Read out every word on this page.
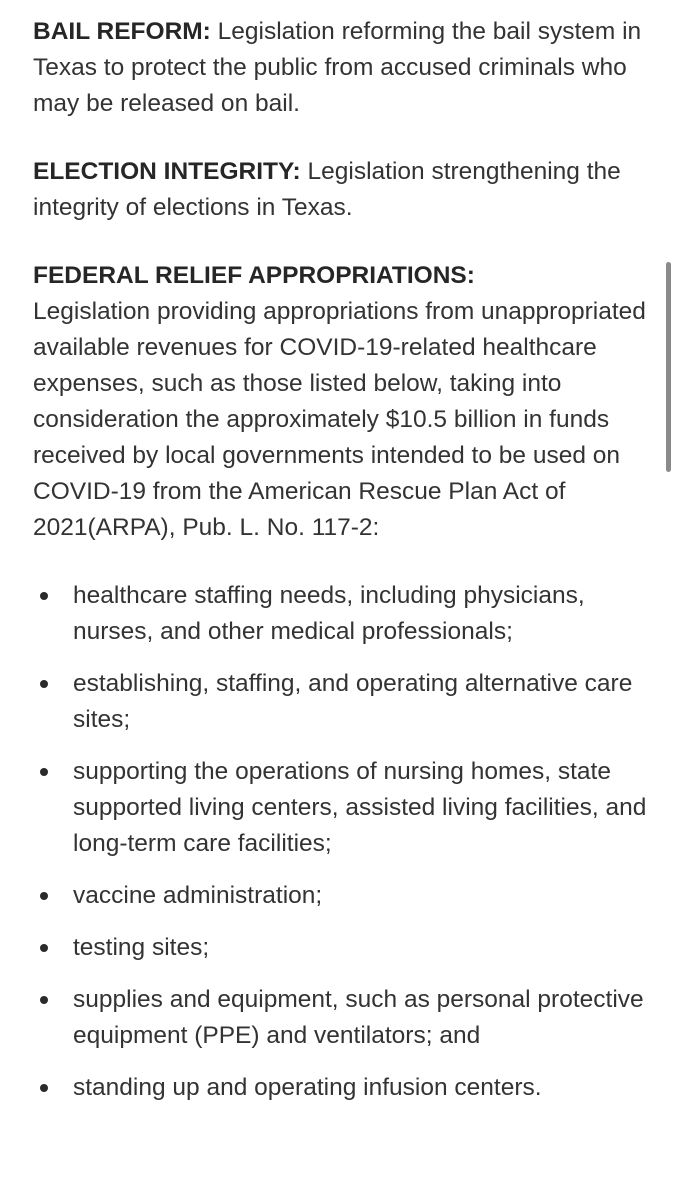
BAIL REFORM: Legislation reforming the bail system in Texas to protect the public from accused criminals who may be released on bail.

ELECTION INTEGRITY: Legislation strengthening the integrity of elections in Texas.

FEDERAL RELIEF APPROPRIATIONS:
Legislation providing appropriations from unappropriated available revenues for COVID-19-related healthcare expenses, such as those listed below, taking into consideration the approximately $10.5 billion in funds received by local governments intended to be used on COVID-19 from the American Rescue Plan Act of 2021(ARPA), Pub. L. No. 117-2:

healthcare staffing needs, including physicians, nurses, and other medical professionals;
establishing, staffing, and operating alternative care sites;
supporting the operations of nursing homes, state supported living centers, assisted living facilities, and long-term care facilities;
vaccine administration;
testing sites;
supplies and equipment, such as personal protective equipment (PPE) and ventilators; and
standing up and operating infusion centers.
